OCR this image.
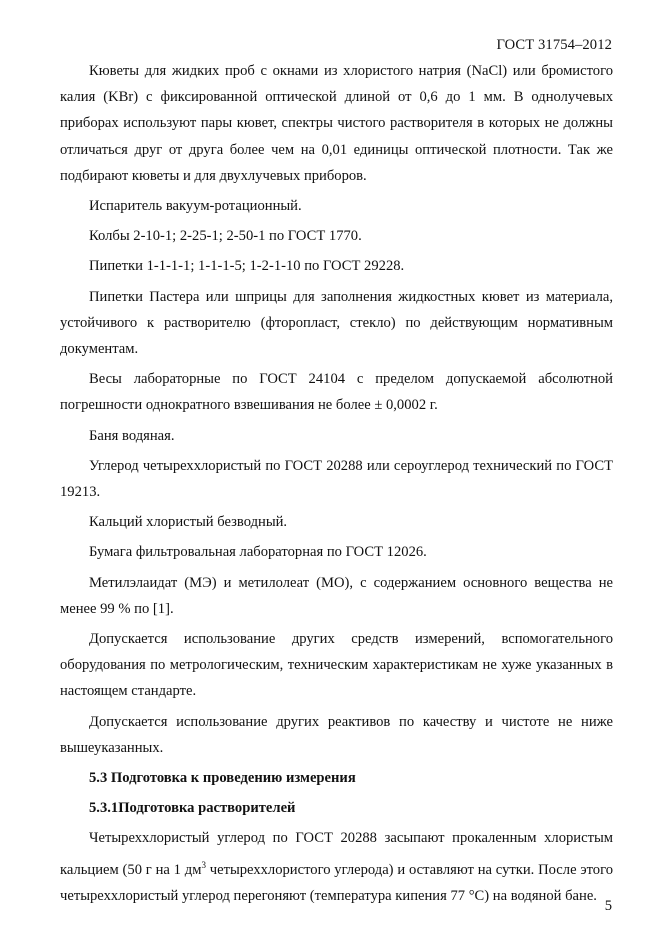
ГОСТ 31754–2012

Кюветы для жидких проб с окнами из хлористого натрия (NaCl) или бромистого калия (KBr) с фиксированной оптической длиной от 0,6 до 1 мм. В однолучевых приборах используют пары кювет, спектры чистого растворителя в которых не должны отличаться друг от друга более чем на 0,01 единицы оптической плотности. Так же подбирают кюветы и для двухлучевых приборов.

Испаритель вакуум-ротационный.

Колбы 2-10-1; 2-25-1; 2-50-1 по ГОСТ 1770.

Пипетки 1-1-1-1; 1-1-1-5; 1-2-1-10 по ГОСТ 29228.

Пипетки Пастера или шприцы для заполнения жидкостных кювет из материала, устойчивого к растворителю (фторопласт, стекло) по действующим нормативным документам.

Весы лабораторные по ГОСТ 24104 с пределом допускаемой абсолютной погрешности однократного взвешивания не более ± 0,0002 г.

Баня водяная.

Углерод четыреххлористый по ГОСТ 20288 или сероуглерод технический по ГОСТ 19213.

Кальций хлористый безводный.

Бумага фильтровальная лабораторная по ГОСТ 12026.

Метилэлаидат (МЭ) и метилолеат (МО), с содержанием основного вещества не менее 99 % по [1].

Допускается использование других средств измерений, вспомогательного оборудования по метрологическим, техническим характеристикам не хуже указанных в настоящем стандарте.

Допускается использование других реактивов по качеству и чистоте не ниже вышеуказанных.

5.3 Подготовка к проведению измерения
5.3.1Подготовка растворителей

Четыреххлористый углерод по ГОСТ 20288 засыпают прокаленным хлористым кальцием (50 г на 1 $дм^3$ четыреххлористого углерода) и оставляют на сутки. После этого четыреххлористый углерод перегоняют (температура кипения 77 °С) на водяной бане.

5
